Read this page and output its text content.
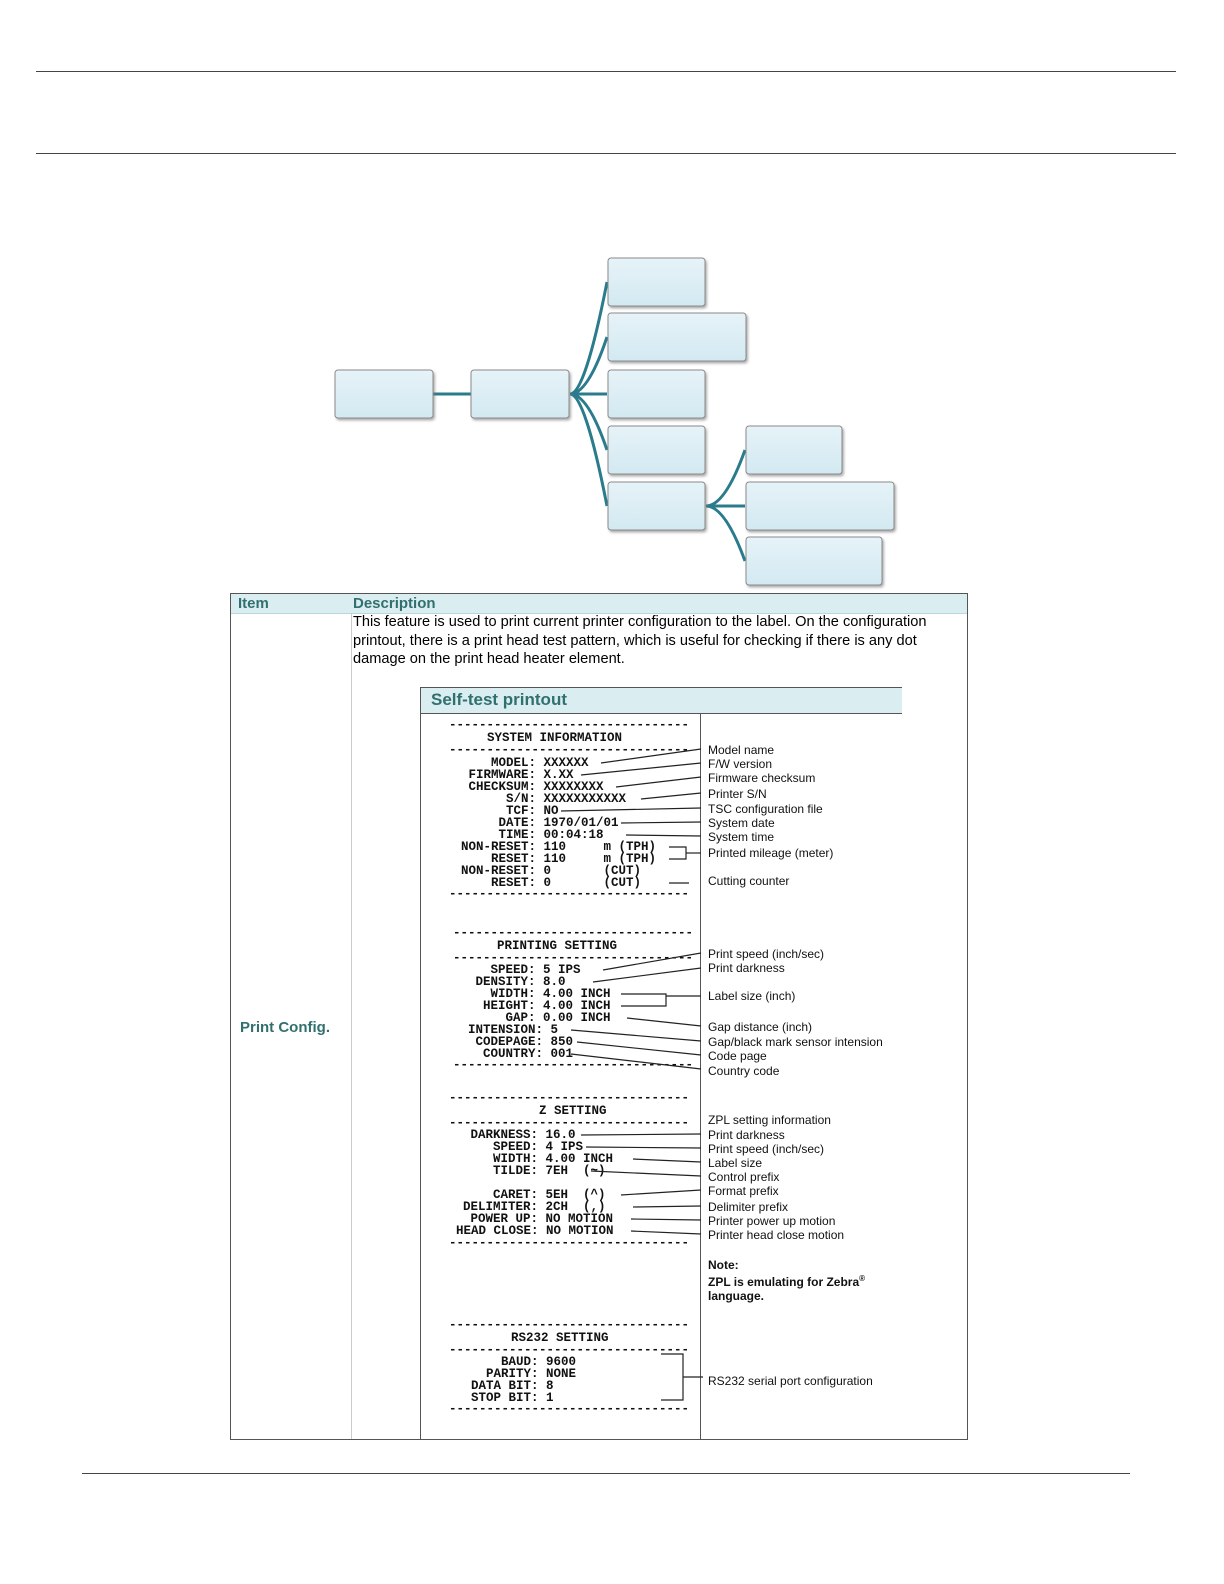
Item	Description
Print Config.
This feature is used to print current printer configuration to the label. On the configuration printout, there is a print head test pattern, which is useful for checking if there is any dot damage on the print head heater element.
Self-test printout
--------------------------------
SYSTEM INFORMATION
--------------------------------
MODEL: XXXXXX
FIRMWARE: X.XX
CHECKSUM: XXXXXXXX
S/N: XXXXXXXXXXX
TCF: NO
DATE: 1970/01/01
TIME: 00:04:18
NON-RESET: 110     m (TPH)
RESET: 110     m (TPH)
NON-RESET: 0       (CUT)
RESET: 0       (CUT)
--------------------------------
Model name
F/W version
Firmware checksum
Printer S/N
TSC configuration file
System date
System time
Printed mileage (meter)
Cutting counter
--------------------------------
PRINTING SETTING
--------------------------------
SPEED: 5 IPS
DENSITY: 8.0
WIDTH: 4.00 INCH
HEIGHT: 4.00 INCH
GAP: 0.00 INCH
INTENSION: 5
CODEPAGE: 850
COUNTRY: 001
--------------------------------
Print speed (inch/sec)
Print darkness
Label size (inch)
Gap distance (inch)
Gap/black mark sensor intension
Code page
Country code
--------------------------------
Z SETTING
--------------------------------
DARKNESS: 16.0
SPEED: 4 IPS
WIDTH: 4.00 INCH
TILDE: 7EH  (~)
CARET: 5EH  (^)
DELIMITER: 2CH  (,)
POWER UP: NO MOTION
HEAD CLOSE: NO MOTION
--------------------------------
ZPL setting information
Print darkness
Print speed (inch/sec)
Label size
Control prefix
Format prefix
Delimiter prefix
Printer power up motion
Printer head close motion
Note:
ZPL is emulating for Zebra®
language.
--------------------------------
RS232 SETTING
--------------------------------
BAUD: 9600
PARITY: NONE
DATA BIT: 8
STOP BIT: 1
--------------------------------
RS232 serial port configuration
